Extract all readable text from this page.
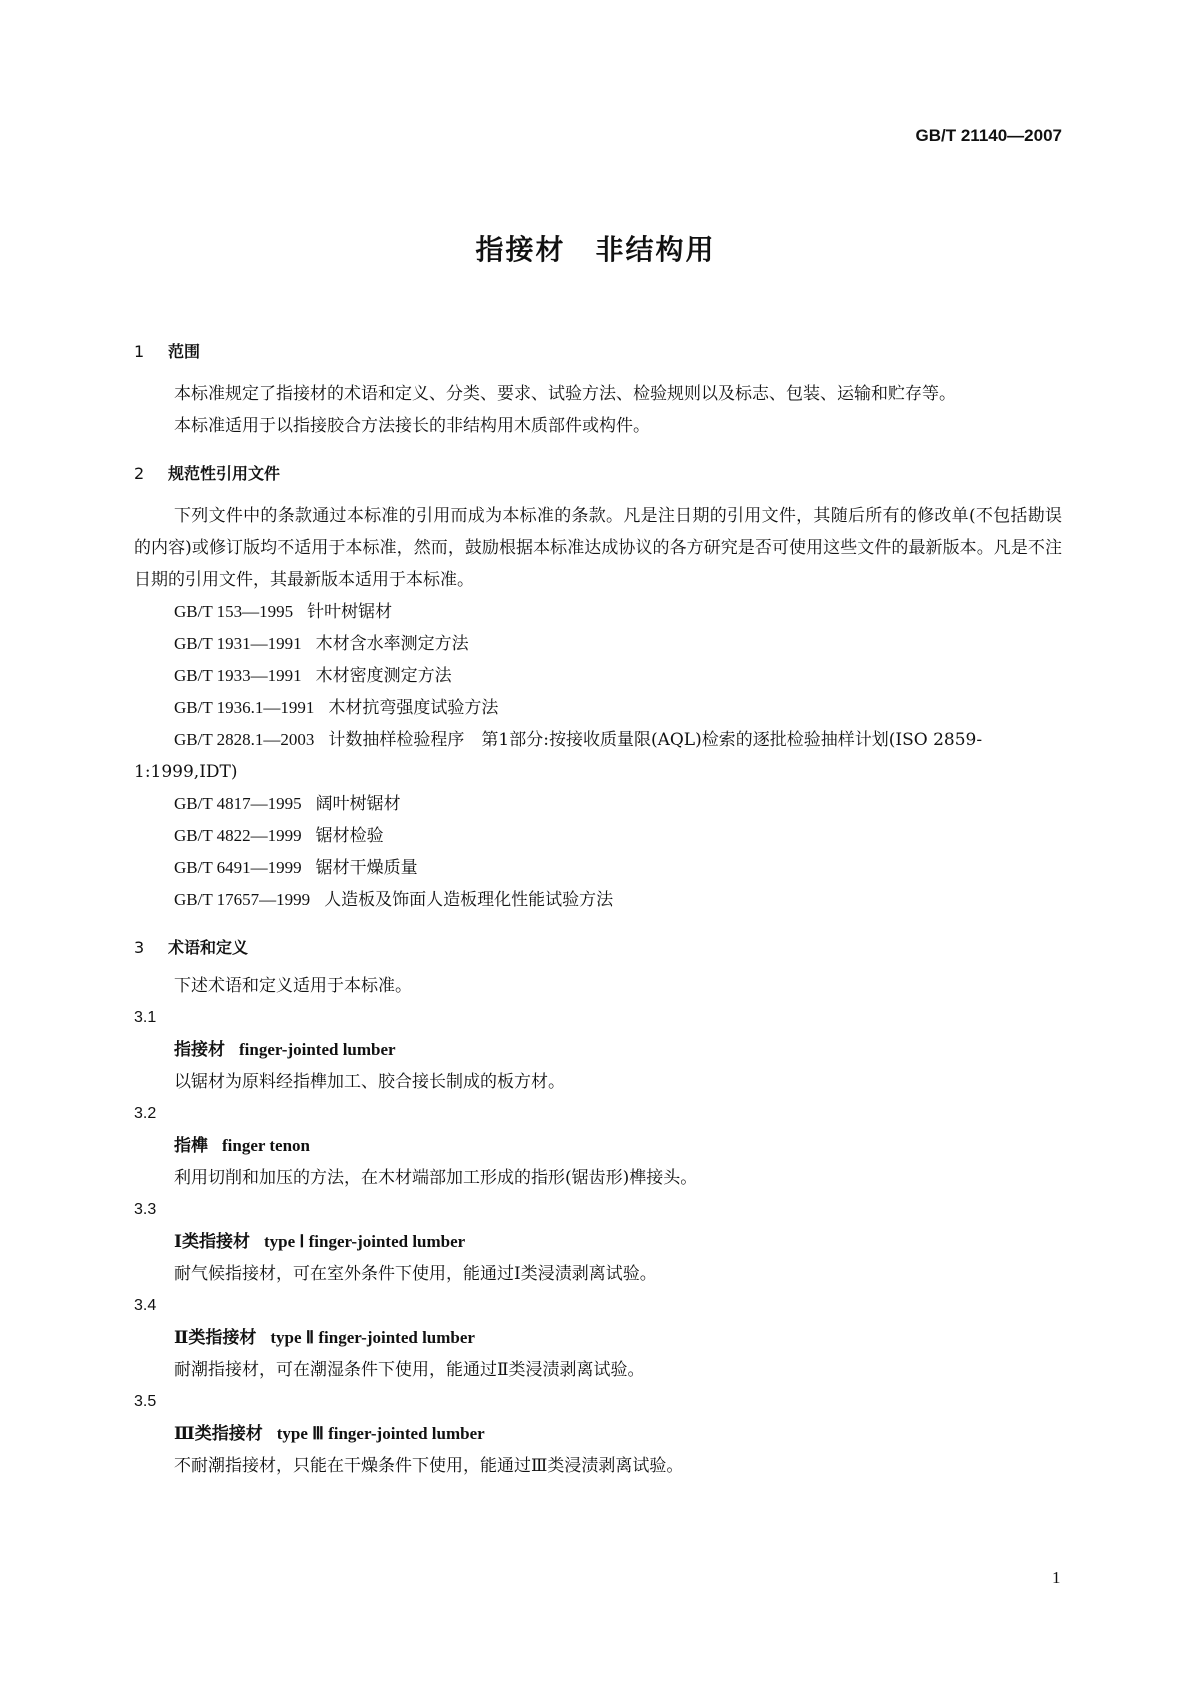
GB/T 21140—2007
指接材　非结构用
1 范围
本标准规定了指接材的术语和定义、分类、要求、试验方法、检验规则以及标志、包装、运输和贮存等。
本标准适用于以指接胶合方法接长的非结构用木质部件或构件。
2 规范性引用文件
下列文件中的条款通过本标准的引用而成为本标准的条款。凡是注日期的引用文件，其随后所有的修改单(不包括勘误的内容)或修订版均不适用于本标准，然而，鼓励根据本标准达成协议的各方研究是否可使用这些文件的最新版本。凡是不注日期的引用文件，其最新版本适用于本标准。
GB/T 153—1995 针叶树锯材
GB/T 1931—1991 木材含水率测定方法
GB/T 1933—1991 木材密度测定方法
GB/T 1936.1—1991 木材抗弯强度试验方法
GB/T 2828.1—2003 计数抽样检验程序　第1部分:按接收质量限(AQL)检索的逐批检验抽样计划(ISO 2859-1:1999,IDT)
GB/T 4817—1995 阔叶树锯材
GB/T 4822—1999 锯材检验
GB/T 6491—1999 锯材干燥质量
GB/T 17657—1999 人造板及饰面人造板理化性能试验方法
3 术语和定义
下述术语和定义适用于本标准。
3.1
指接材 finger-jointed lumber
以锯材为原料经指榫加工、胶合接长制成的板方材。
3.2
指榫 finger tenon
利用切削和加压的方法，在木材端部加工形成的指形(锯齿形)榫接头。
3.3
Ⅰ类指接材 type Ⅰ finger-jointed lumber
耐气候指接材，可在室外条件下使用，能通过Ⅰ类浸渍剥离试验。
3.4
Ⅱ类指接材 type Ⅱ finger-jointed lumber
耐潮指接材，可在潮湿条件下使用，能通过Ⅱ类浸渍剥离试验。
3.5
Ⅲ类指接材 type Ⅲ finger-jointed lumber
不耐潮指接材，只能在干燥条件下使用，能通过Ⅲ类浸渍剥离试验。
1
